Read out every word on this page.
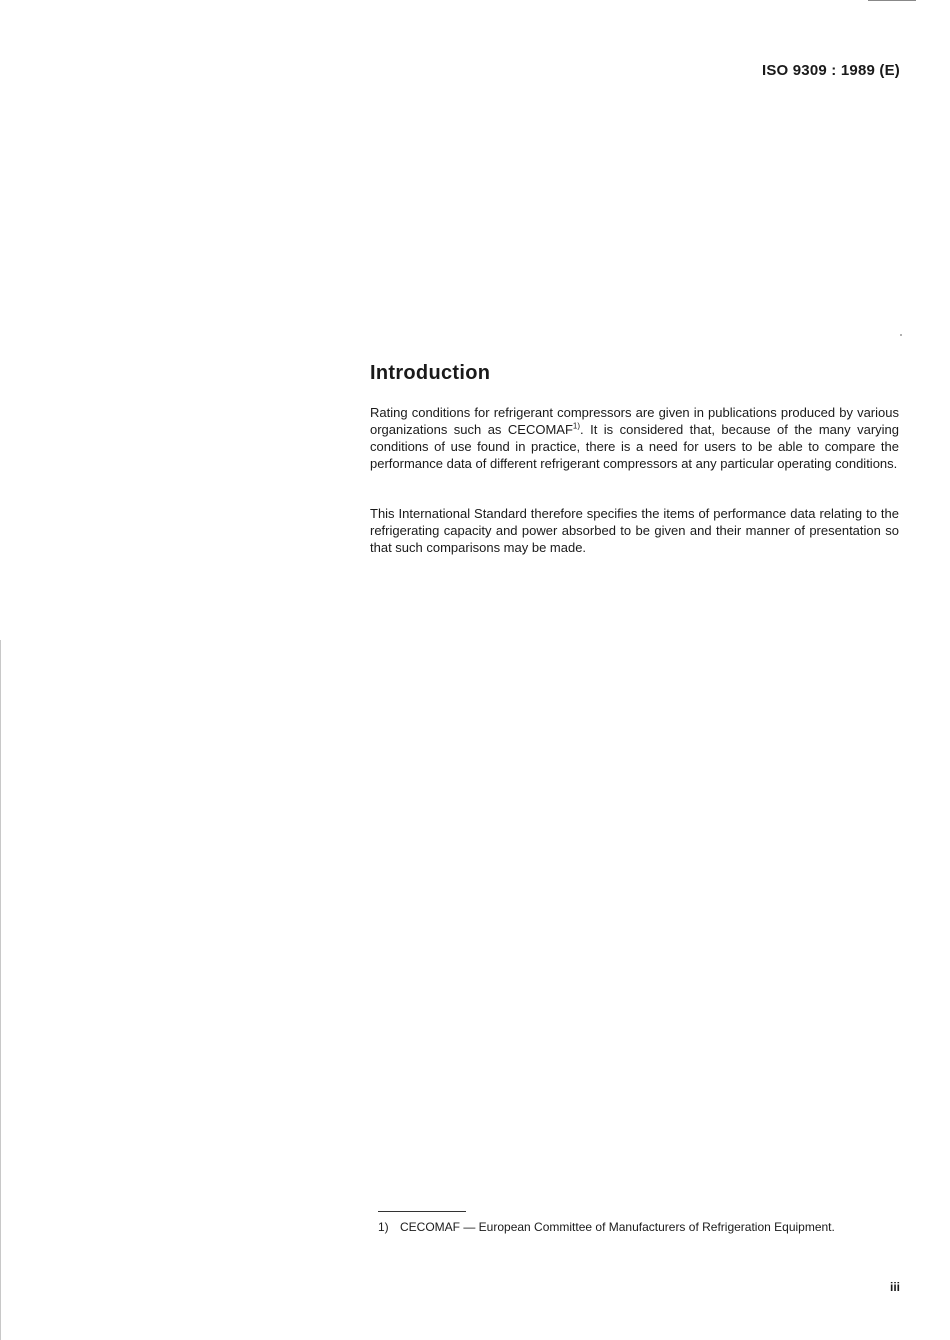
ISO 9309 : 1989 (E)
Introduction

Rating conditions for refrigerant compressors are given in publications produced by various organizations such as CECOMAF$^{1)}$. It is considered that, because of the many varying conditions of use found in practice, there is a need for users to be able to compare the performance data of different refrigerant compressors at any particular operating conditions.

This International Standard therefore specifies the items of performance data relating to the refrigerating capacity and power absorbed to be given and their manner of presentation so that such comparisons may be made.

1) CECOMAF — European Committee of Manufacturers of Refrigeration Equipment.
iii
